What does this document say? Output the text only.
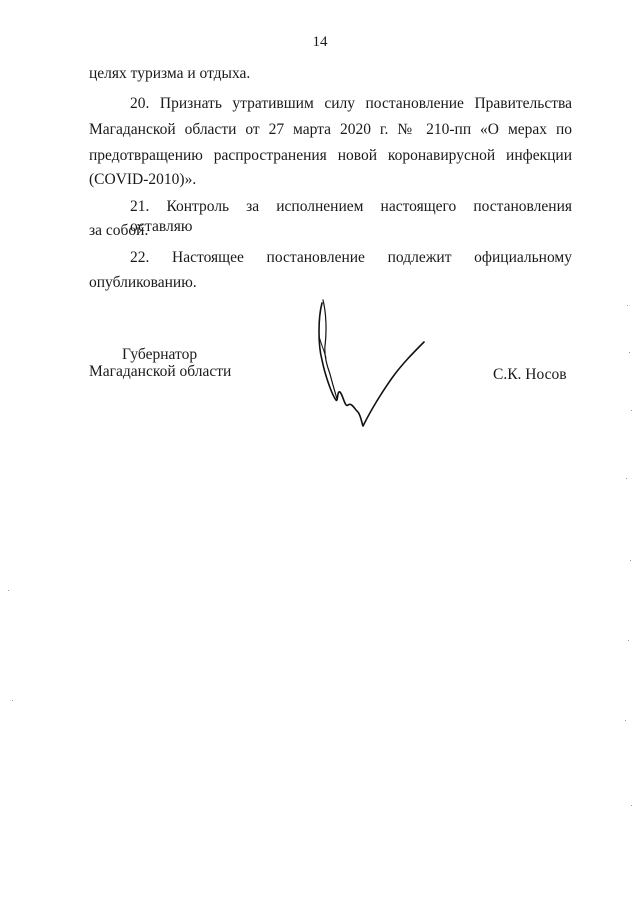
14
целях туризма и отдыха.
20. Признать утратившим силу постановление Правительства
Магаданской области от 27 марта 2020 г. № 210-пп «О мерах по
предотвращению распространения новой коронавирусной инфекции
(COVID-2010)».
21. Контроль за исполнением настоящего постановления оставляю
за собой.
22. Настоящее постановление подлежит официальному
опубликованию.
Губернатор
Магаданской области	С.К. Носов
